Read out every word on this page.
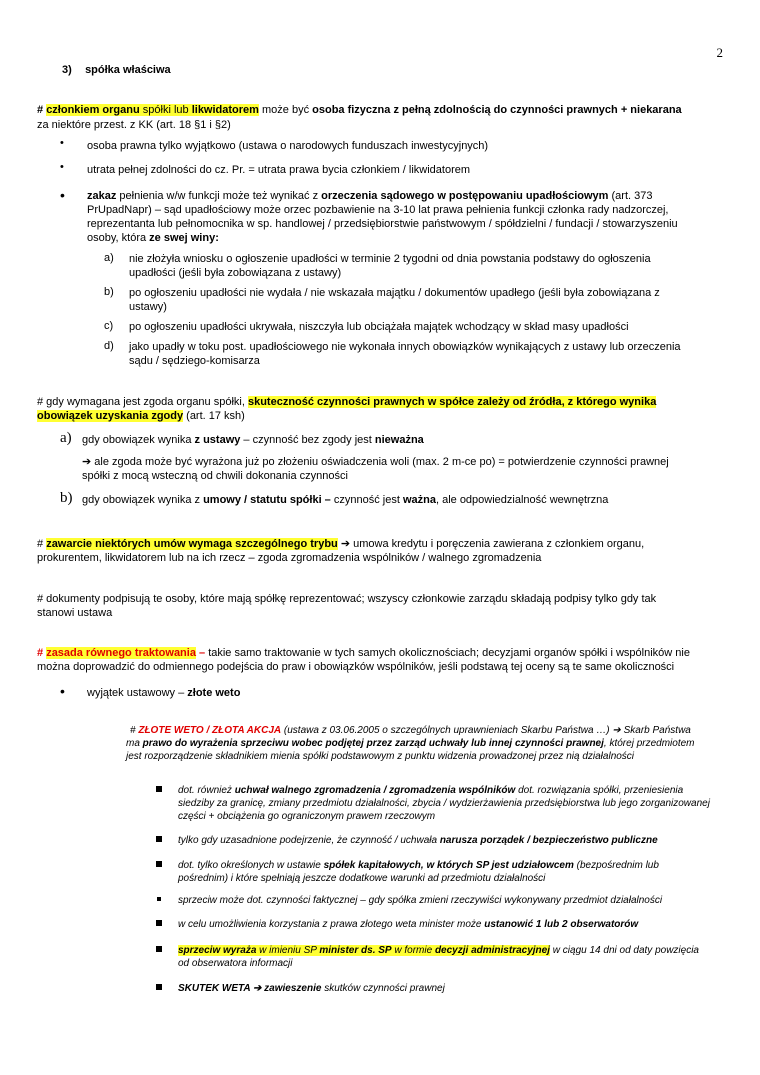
2
3) spółka właściwa
# członkiem organu spółki lub likwidatorem może być osoba fizyczna z pełną zdolnością do czynności prawnych + niekarana
za niektóre przest. z KK (art. 18 §1 i §2)
• osoba prawna tylko wyjątkowo (ustawa o narodowych funduszach inwestycyjnych)
• utrata pełnej zdolności do cz. Pr. = utrata prawa bycia członkiem / likwidatorem
• zakaz pełnienia w/w funkcji może też wynikać z orzeczenia sądowego w postępowaniu upadłościowym (art. 373
PrUpadNapr) – sąd upadłościowy może orzec pozbawienie na 3-10 lat prawa pełnienia funkcji członka rady nadzorczej,
reprezentanta lub pełnomocnika w sp. handlowej / przedsiębiorstwie państwowym / spółdzielni / fundacji / stowarzyszeniu
osoby, która ze swej winy:
a) nie złożyła wniosku o ogłoszenie upadłości w terminie 2 tygodni od dnia powstania podstawy do ogłoszenia
upadłości (jeśli była zobowiązana z ustawy)
b) po ogłoszeniu upadłości nie wydała / nie wskazała majątku / dokumentów upadłego (jeśli była zobowiązana z
ustawy)
c) po ogłoszeniu upadłości ukrywała, niszczyła lub obciążała majątek wchodzący w skład masy upadłości
d) jako upadły w toku post. upadłościowego nie wykonała innych obowiązków wynikających z ustawy lub orzeczenia
sądu / sędziego-komisarza
# gdy wymagana jest zgoda organu spółki, skuteczność czynności prawnych w spółce zależy od źródła, z którego wynika
obowiązek uzyskania zgody (art. 17 ksh)
a) gdy obowiązek wynika z ustawy – czynność bez zgody jest nieważna
➔ ale zgoda może być wyrażona już po złożeniu oświadczenia woli (max. 2 m-ce po) = potwierdzenie czynności prawnej
spółki z mocą wsteczną od chwili dokonania czynności
b) gdy obowiązek wynika z umowy / statutu spółki – czynność jest ważna, ale odpowiedzialność wewnętrzna
# zawarcie niektórych umów wymaga szczególnego trybu ➔ umowa kredytu i poręczenia zawierana z członkiem organu,
prokurentem, likwidatorem lub na ich rzecz – zgoda zgromadzenia wspólników / walnego zgromadzenia
# dokumenty podpisują te osoby, które mają spółkę reprezentować; wszyscy członkowie zarządu składają podpisy tylko gdy tak
stanowi ustawa
# zasada równego traktowania – takie samo traktowanie w tych samych okolicznościach; decyzjami organów spółki i wspólników nie
można doprowadzić do odmiennego podejścia do praw i obowiązków wspólników, jeśli podstawą tej oceny są te same okoliczności
• wyjątek ustawowy – złote weto
# ZŁOTE WETO / ZŁOTA AKCJA (ustawa z 03.06.2005 o szczególnych uprawnieniach Skarbu Państwa …) ➔ Skarb Państwa
ma prawo do wyrażenia sprzeciwu wobec podjętej przez zarząd uchwały lub innej czynności prawnej, której przedmiotem
jest rozporządzenie składnikiem mienia spółki podstawowym z punktu widzenia prowadzonej przez nią działalności
dot. również uchwał walnego zgromadzenia / zgromadzenia wspólników dot. rozwiązania spółki, przeniesienia
siedziby za granicę, zmiany przedmiotu działalności, zbycia / wydzierżawienia przedsiębiorstwa lub jego zorganizowanej
części + obciążenia go ograniczonym prawem rzeczowym
tylko gdy uzasadnione podejrzenie, że czynność / uchwała narusza porządek / bezpieczeństwo publiczne
dot. tylko określonych w ustawie spółek kapitałowych, w których SP jest udziałowcem (bezpośrednim lub
pośrednim) i które spełniają jeszcze dodatkowe warunki ad przedmiotu działalności
sprzeciw może dot. czynności faktycznej – gdy spółka zmieni rzeczywiści wykonywany przedmiot działalności
w celu umożliwienia korzystania z prawa złotego weta minister może ustanowić 1 lub 2 obserwatorów
sprzeciw wyraża w imieniu SP minister ds. SP w formie decyzji administracyjnej w ciągu 14 dni od daty powzięcia
od obserwatora informacji
SKUTEK WETA ➔ zawieszenie skutków czynności prawnej
